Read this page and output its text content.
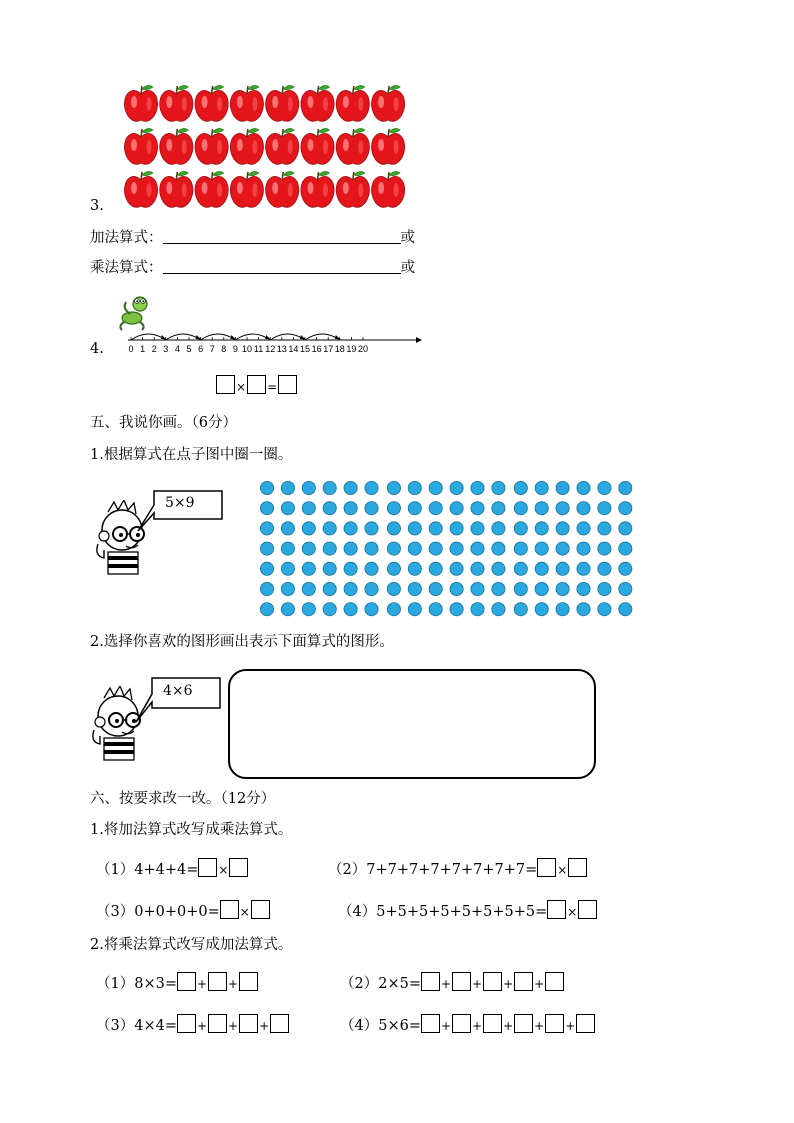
3.
加法算式：	或
乘法算式：	或
4.	0 1 2 3 4 5 6 7 8 9 10 11 12 13 14 15 16 17 18 19 20
× =
五、我说你画。（6分）
1.根据算式在点子图中圈一圈。
5×9
2.选择你喜欢的图形画出表示下面算式的图形。
4×6
六、按要求改一改。（12分）
1.将加法算式改写成乘法算式。
（1）4+4+4= ×	（2）7+7+7+7+7+7+7+7= ×
（3）0+0+0+0= ×	（4）5+5+5+5+5+5+5+5= ×
2.将乘法算式改写成加法算式。
（1）8×3= + +	（2）2×5= + + + +
（3）4×4= + + +	（4）5×6= + + + + +
